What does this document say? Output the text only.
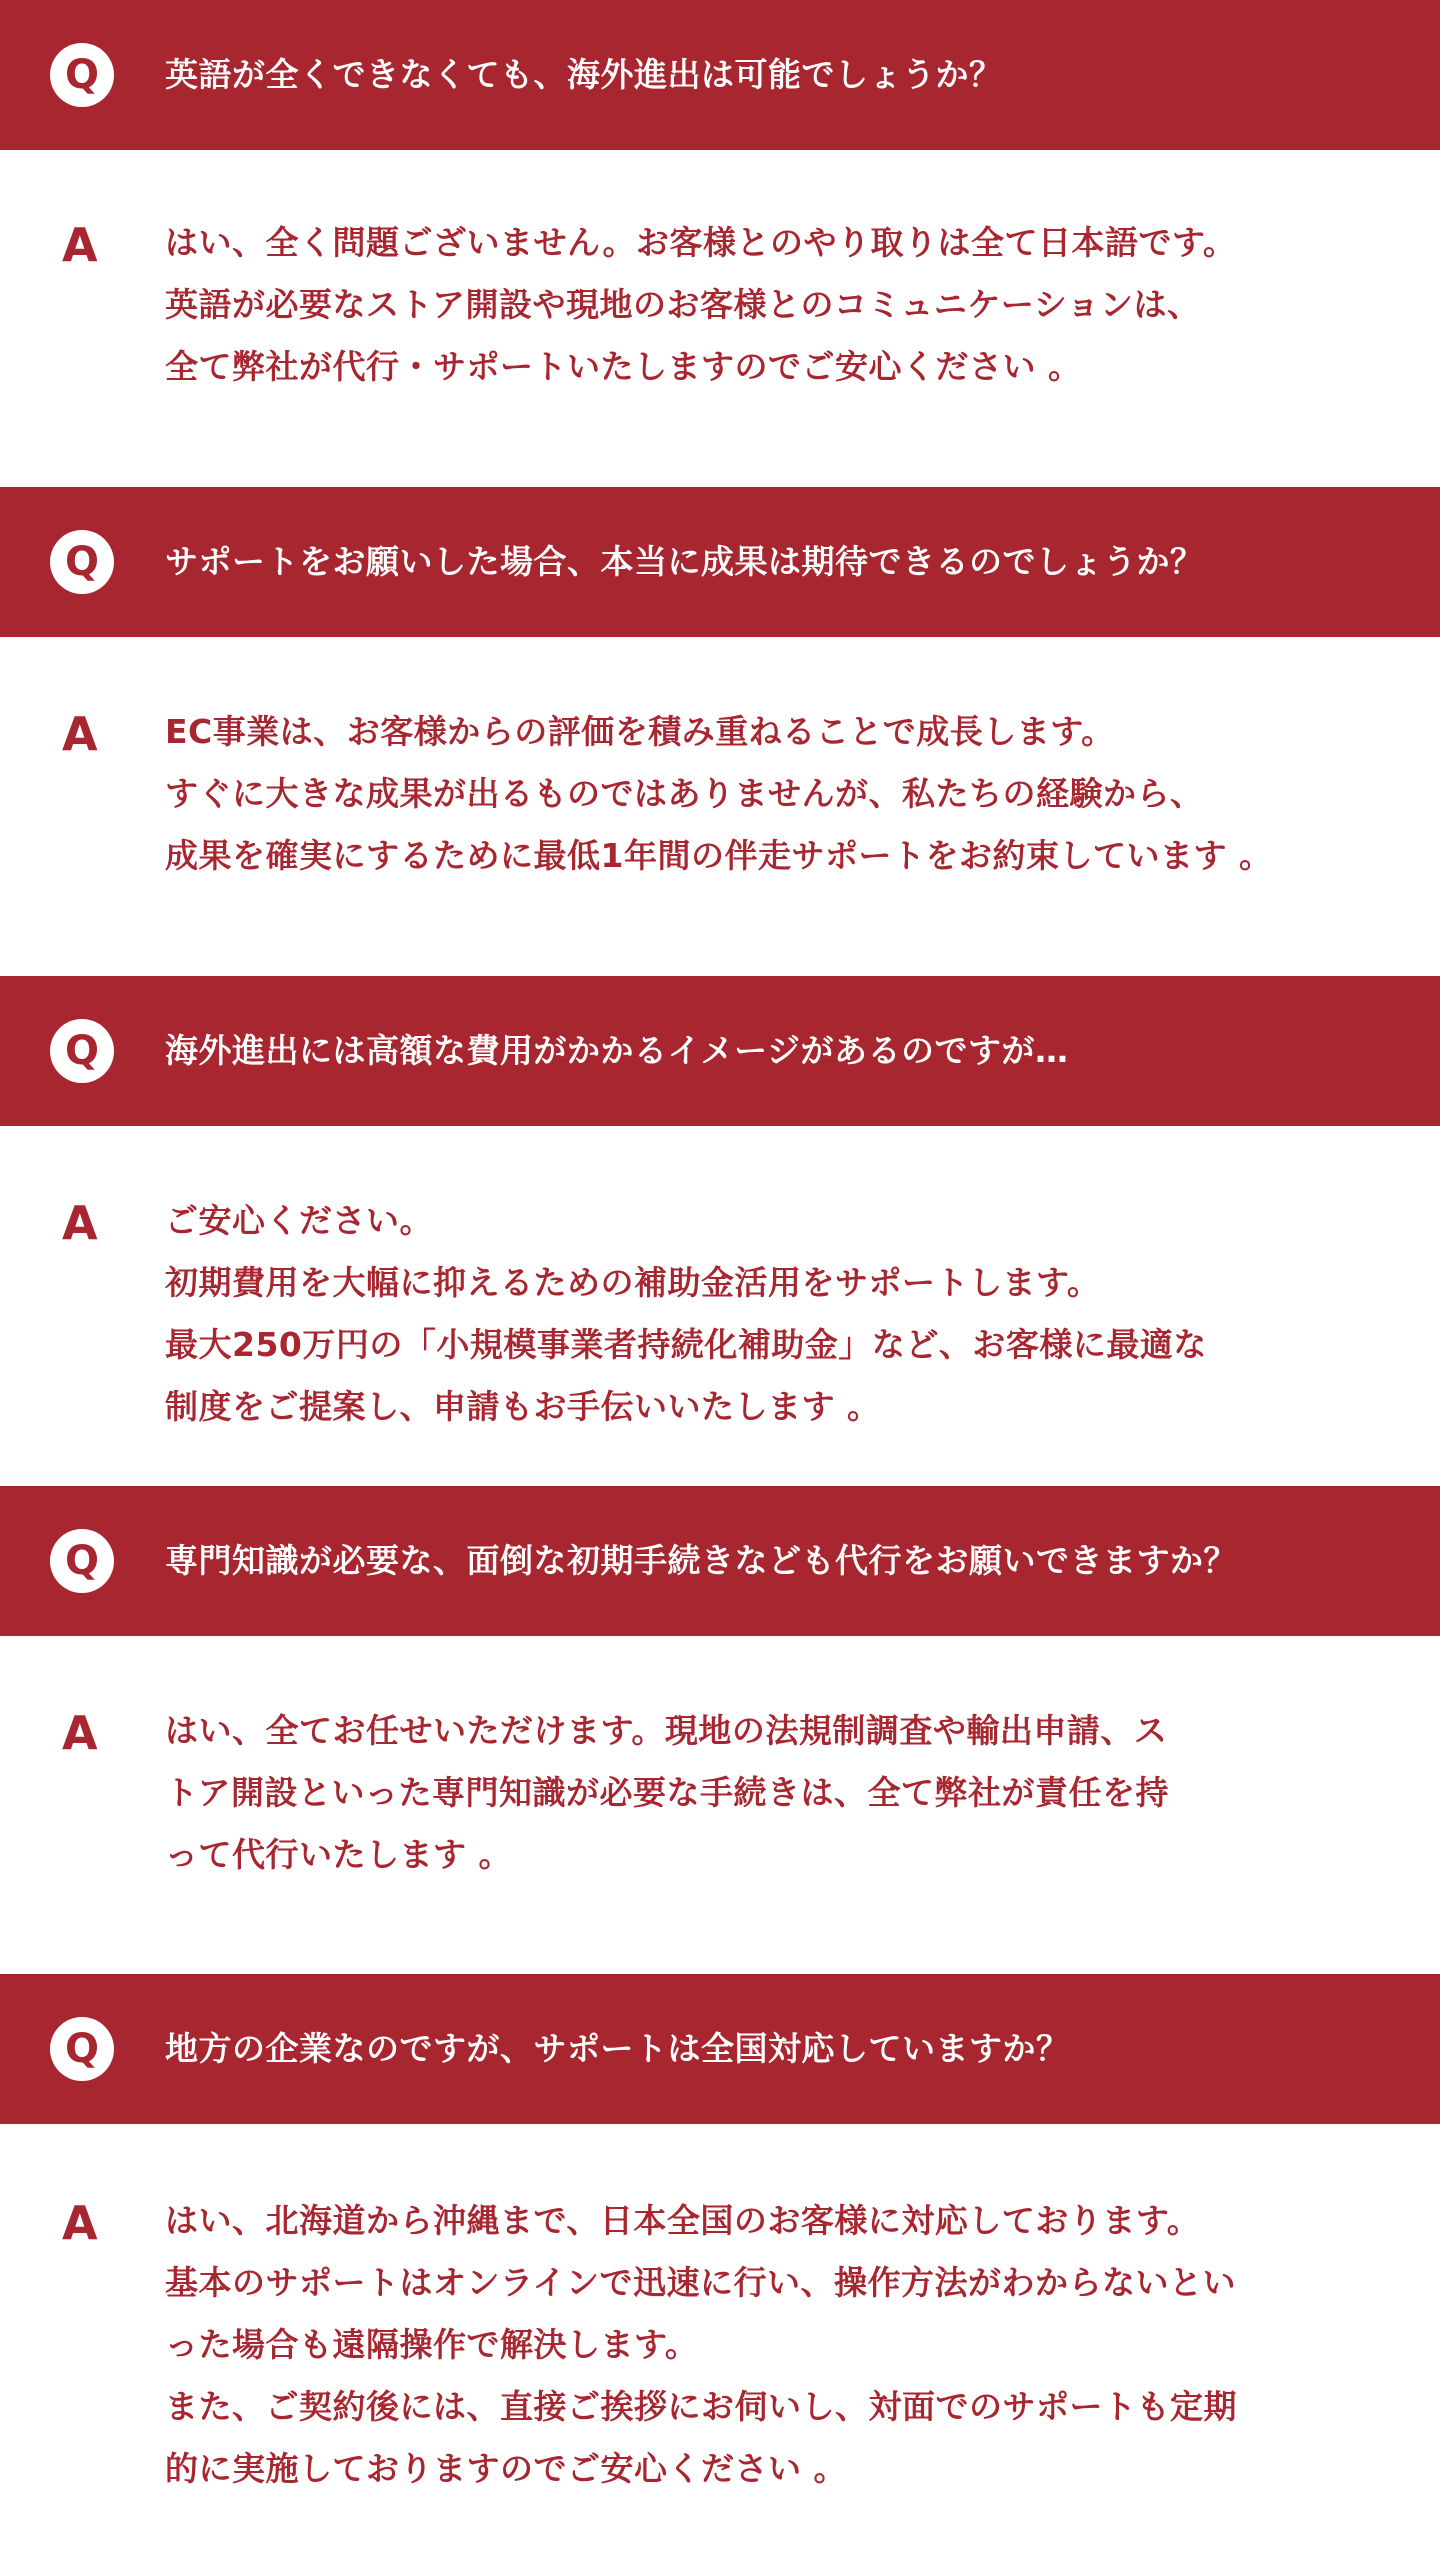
Q	英語が全くできなくても、海外進出は可能でしょうか？
A はい、全く問題ございません。お客様とのやり取りは全て日本語です。
英語が必要なストア開設や現地のお客様とのコミュニケーションは、
全て弊社が代行・サポートいたしますのでご安心ください 。
Q	サポートをお願いした場合、本当に成果は期待できるのでしょうか？
A EC事業は、お客様からの評価を積み重ねることで成長します。
すぐに大きな成果が出るものではありませんが、私たちの経験から、
成果を確実にするために最低1年間の伴走サポートをお約束しています 。
Q	海外進出には高額な費用がかかるイメージがあるのですが…
A ご安心ください。
初期費用を大幅に抑えるための補助金活用をサポートします。
最大250万円の「小規模事業者持続化補助金」など、お客様に最適な
制度をご提案し、申請もお手伝いいたします 。
Q	専門知識が必要な、面倒な初期手続きなども代行をお願いできますか？
A はい、全てお任せいただけます。現地の法規制調査や輸出申請、ス
トア開設といった専門知識が必要な手続きは、全て弊社が責任を持
って代行いたします 。
Q	地方の企業なのですが、サポートは全国対応していますか？
A はい、北海道から沖縄まで、日本全国のお客様に対応しております。
基本のサポートはオンラインで迅速に行い、操作方法がわからないとい
った場合も遠隔操作で解決します。
また、ご契約後には、直接ご挨拶にお伺いし、対面でのサポートも定期
的に実施しておりますのでご安心ください 。
